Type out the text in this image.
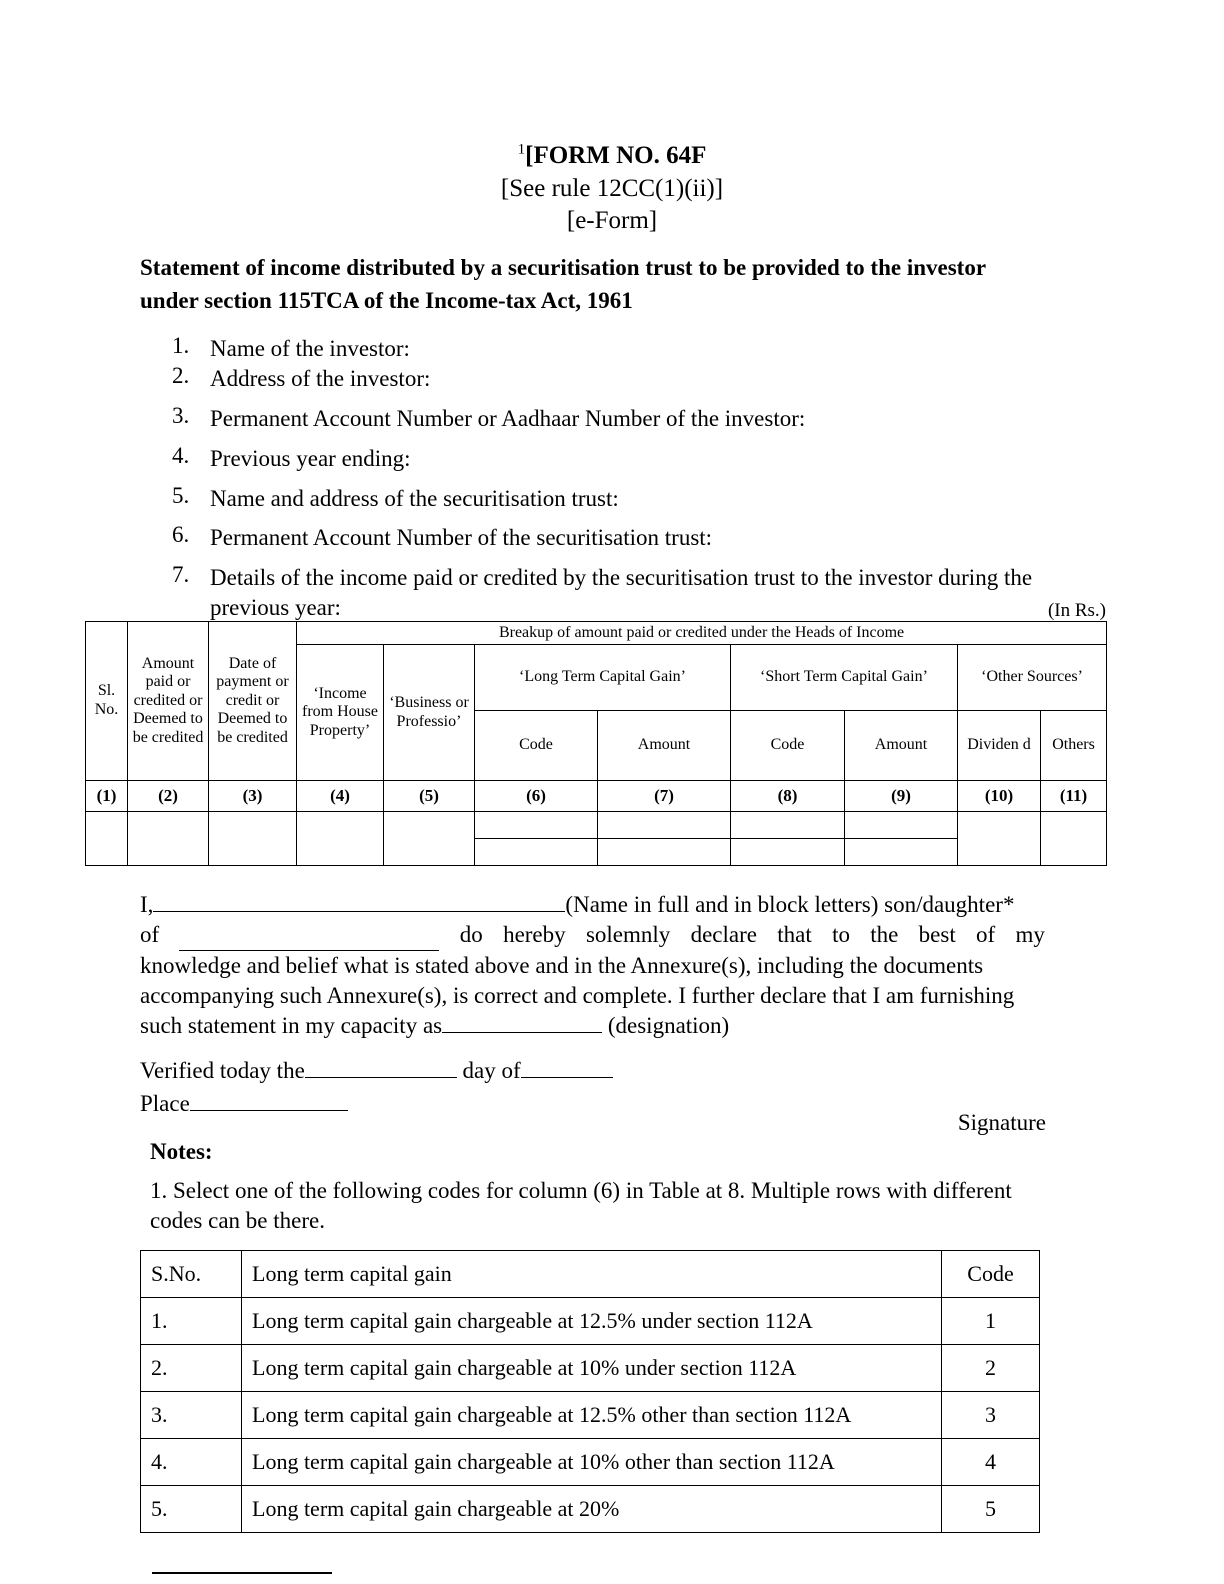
$^1$[FORM NO. 64F
[See rule 12CC(1)(ii)]
[e-Form]
Statement of income distributed by a securitisation trust to be provided to the investor under section 115TCA of the Income-tax Act, 1961
1. Name of the investor:
2. Address of the investor:
3. Permanent Account Number or Aadhaar Number of the investor:
4. Previous year ending:
5. Name and address of the securitisation trust:
6. Permanent Account Number of the securitisation trust:
7. Details of the income paid or credited by the securitisation trust to the investor during the previous year:	(In Rs.)
Sl. No.	Amount paid or credited or Deemed to be credited	Date of payment or credit or Deemed to be credited	Breakup of amount paid or credited under the Heads of Income							
			‘Income from House Property’	‘Business or Professio’	‘Long Term Capital Gain’		‘Short Term Capital Gain’		‘Other Sources’	
					Code	Amount	Code	Amount	Dividen d	Others
(1)	(2)	(3)	(4)	(5)	(6)	(7)	(8)	(9)	(10)	(11)

I,	(Name in full and in block letters) son/daughter*
of	do hereby solemnly declare that to the best of my
knowledge and belief what is stated above and in the Annexure(s), including the documents
accompanying such Annexure(s), is correct and complete. I further declare that I am furnishing
such statement in my capacity as	(designation)
Verified today the	day of
Place
Signature
Notes:
1. Select one of the following codes for column (6) in Table at 8. Multiple rows with different codes can be there.
S.No.	Long term capital gain	Code
1.	Long term capital gain chargeable at 12.5% under section 112A	1
2.	Long term capital gain chargeable at 10% under section 112A	2
3.	Long term capital gain chargeable at 12.5% other than section 112A	3
4.	Long term capital gain chargeable at 10% other than section 112A	4
5.	Long term capital gain chargeable at 20%	5
